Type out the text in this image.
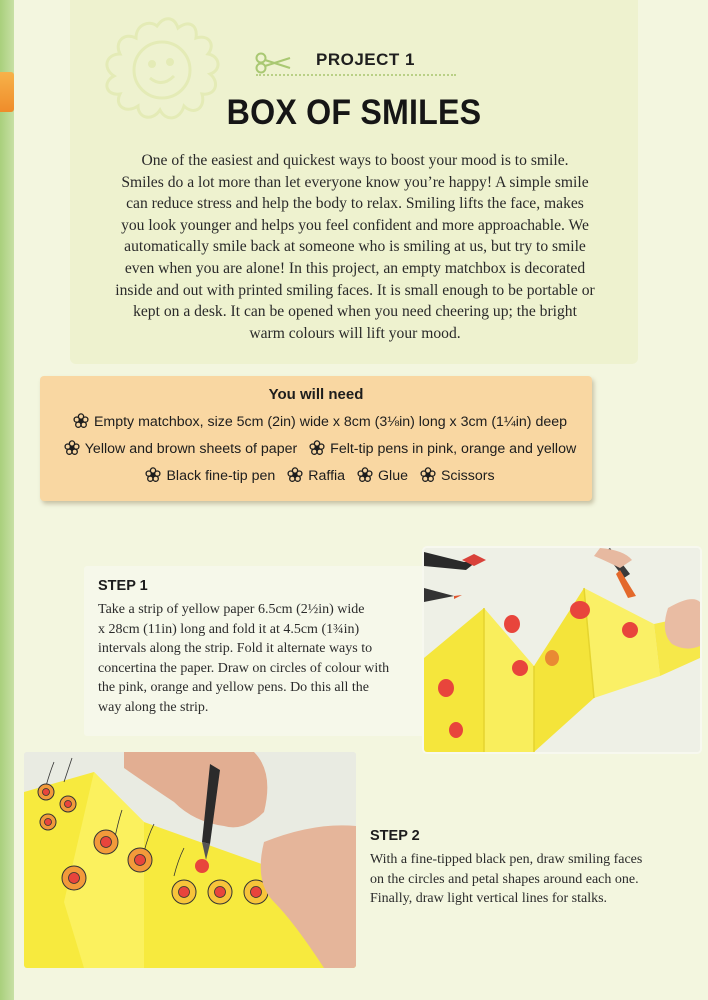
PROJECT 1
BOX OF SMILES
One of the easiest and quickest ways to boost your mood is to smile.
Smiles do a lot more than let everyone know you’re happy! A simple smile
can reduce stress and help the body to relax. Smiling lifts the face, makes
you look younger and helps you feel confident and more approachable. We
automatically smile back at someone who is smiling at us, but try to smile
even when you are alone! In this project, an empty matchbox is decorated
inside and out with printed smiling faces. It is small enough to be portable or
kept on a desk. It can be opened when you need cheering up; the bright
warm colours will lift your mood.
You will need
Empty matchbox, size 5cm (2in) wide x 8cm (3⅛in) long x 3cm (1¼in) deep
Yellow and brown sheets of paper Felt-tip pens in pink, orange and yellow
Black fine-tip pen Raffia Glue Scissors
STEP 1
Take a strip of yellow paper 6.5cm (2½in) wide
x 28cm (11in) long and fold it at 4.5cm (1¾in)
intervals along the strip. Fold it alternate ways to
concertina the paper. Draw on circles of colour with
the pink, orange and yellow pens. Do this all the
way along the strip.
STEP 2
With a fine-tipped black pen, draw smiling faces
on the circles and petal shapes around each one.
Finally, draw light vertical lines for stalks.
